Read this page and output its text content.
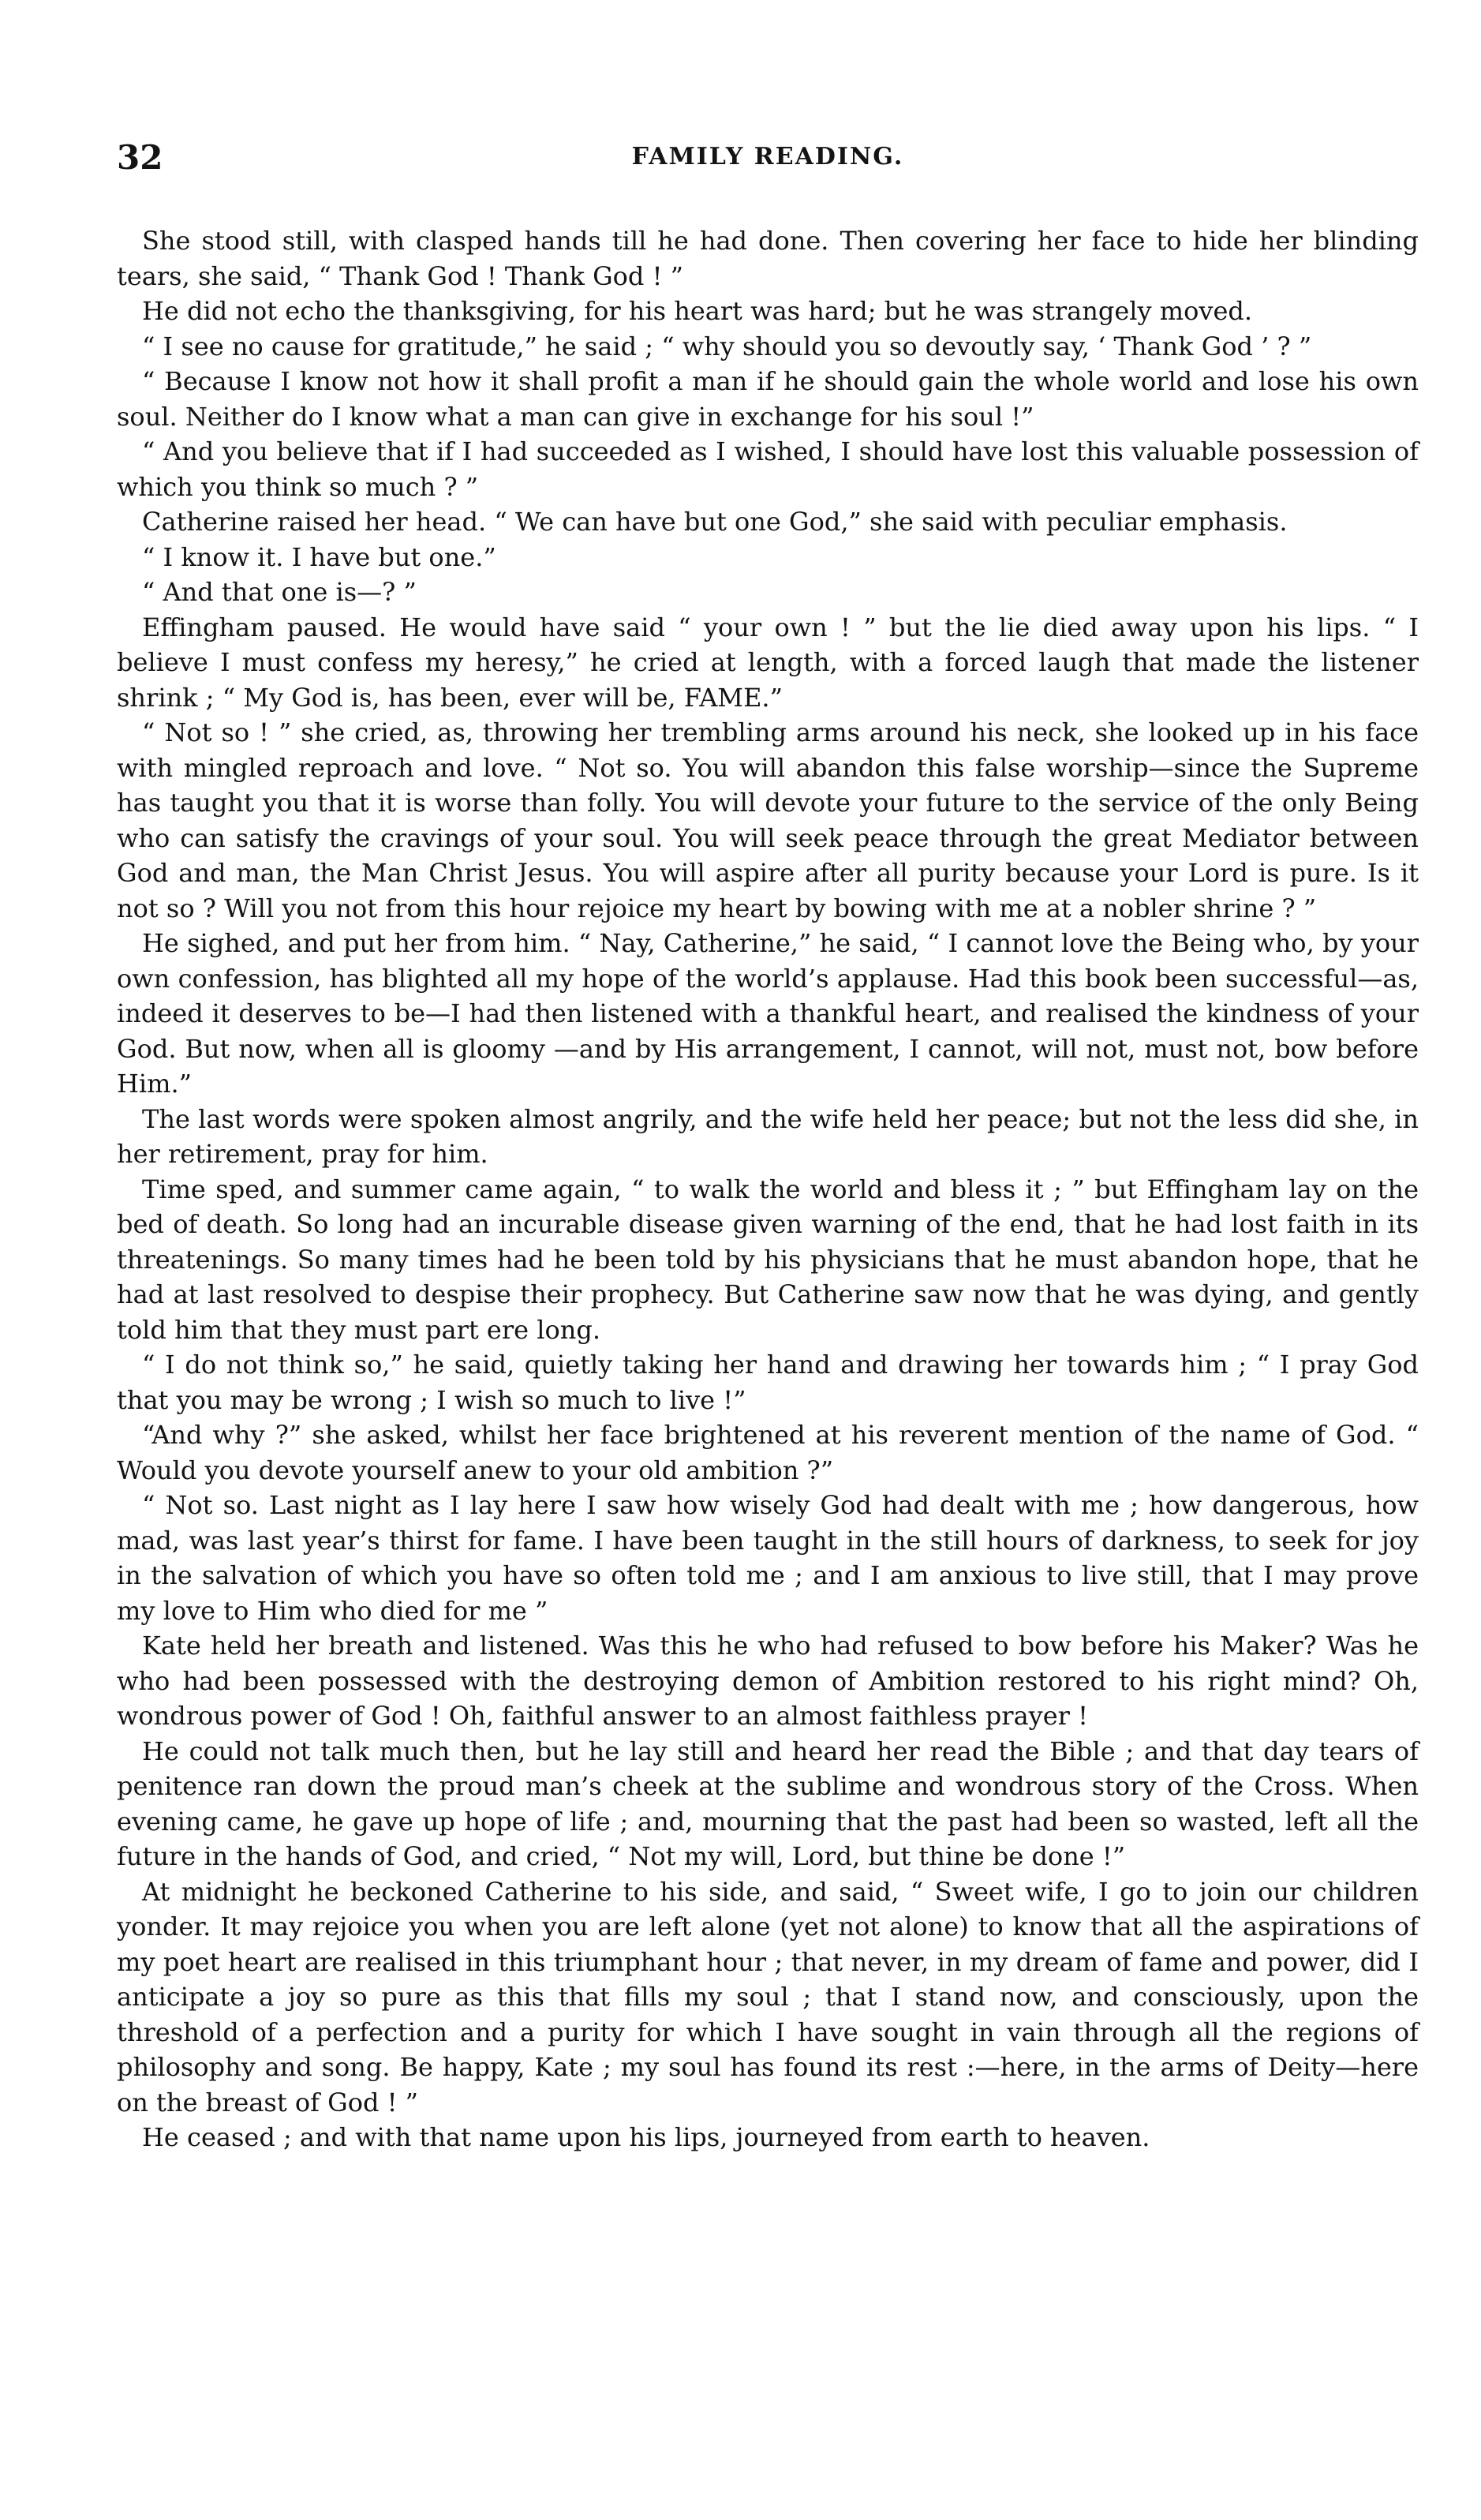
32	FAMILY READING.

She stood still, with clasped hands till he had done. Then covering her face to hide her blinding tears, she said, “ Thank God ! Thank God ! ”

He did not echo the thanksgiving, for his heart was hard; but he was strangely moved.

“ I see no cause for gratitude,” he said ; “ why should you so devoutly say, ‘ Thank God ’ ? ”

“ Because I know not how it shall profit a man if he should gain the whole world and lose his own soul. Neither do I know what a man can give in exchange for his soul !”

“ And you believe that if I had succeeded as I wished, I should have lost this valuable possession of which you think so much ? ”

Catherine raised her head. “ We can have but one God,” she said with peculiar emphasis.

“ I know it. I have but one.”

“ And that one is—? ”

Effingham paused. He would have said “ your own ! ” but the lie died away upon his lips. “ I believe I must confess my heresy,” he cried at length, with a forced laugh that made the listener shrink ; “ My God is, has been, ever will be, FAME.”

“ Not so ! ” she cried, as, throwing her trembling arms around his neck, she looked up in his face with mingled reproach and love. “ Not so. You will abandon this false worship—since the Supreme has taught you that it is worse than folly. You will devote your future to the service of the only Being who can satisfy the cravings of your soul. You will seek peace through the great Mediator between God and man, the Man Christ Jesus. You will aspire after all purity because your Lord is pure. Is it not so ? Will you not from this hour rejoice my heart by bowing with me at a nobler shrine ? ”

He sighed, and put her from him. “ Nay, Catherine,” he said, “ I cannot love the Being who, by your own confession, has blighted all my hope of the world’s applause. Had this book been successful—as, indeed it deserves to be—I had then listened with a thankful heart, and realised the kindness of your God. But now, when all is gloomy —and by His arrangement, I cannot, will not, must not, bow before Him.”

The last words were spoken almost angrily, and the wife held her peace; but not the less did she, in her retirement, pray for him.

Time sped, and summer came again, “ to walk the world and bless it ; ” but Effingham lay on the bed of death. So long had an incurable disease given warning of the end, that he had lost faith in its threatenings. So many times had he been told by his physicians that he must abandon hope, that he had at last resolved to despise their prophecy. But Catherine saw now that he was dying, and gently told him that they must part ere long.

“ I do not think so,” he said, quietly taking her hand and drawing her towards him ; “ I pray God that you may be wrong ; I wish so much to live !”

“And why ?” she asked, whilst her face brightened at his reverent mention of the name of God. “ Would you devote yourself anew to your old ambition ?”

“ Not so. Last night as I lay here I saw how wisely God had dealt with me ; how dangerous, how mad, was last year’s thirst for fame. I have been taught in the still hours of darkness, to seek for joy in the salvation of which you have so often told me ; and I am anxious to live still, that I may prove my love to Him who died for me ”

Kate held her breath and listened. Was this he who had refused to bow before his Maker? Was he who had been possessed with the destroying demon of Ambition restored to his right mind? Oh, wondrous power of God ! Oh, faithful answer to an almost faithless prayer !

He could not talk much then, but he lay still and heard her read the Bible ; and that day tears of penitence ran down the proud man’s cheek at the sublime and wondrous story of the Cross. When evening came, he gave up hope of life ; and, mourning that the past had been so wasted, left all the future in the hands of God, and cried, “ Not my will, Lord, but thine be done !”

At midnight he beckoned Catherine to his side, and said, “ Sweet wife, I go to join our children yonder. It may rejoice you when you are left alone (yet not alone) to know that all the aspirations of my poet heart are realised in this triumphant hour ; that never, in my dream of fame and power, did I anticipate a joy so pure as this that fills my soul ; that I stand now, and consciously, upon the threshold of a perfection and a purity for which I have sought in vain through all the regions of philosophy and song. Be happy, Kate ; my soul has found its rest :—here, in the arms of Deity—here on the breast of God ! ”

He ceased ; and with that name upon his lips, journeyed from earth to heaven.
